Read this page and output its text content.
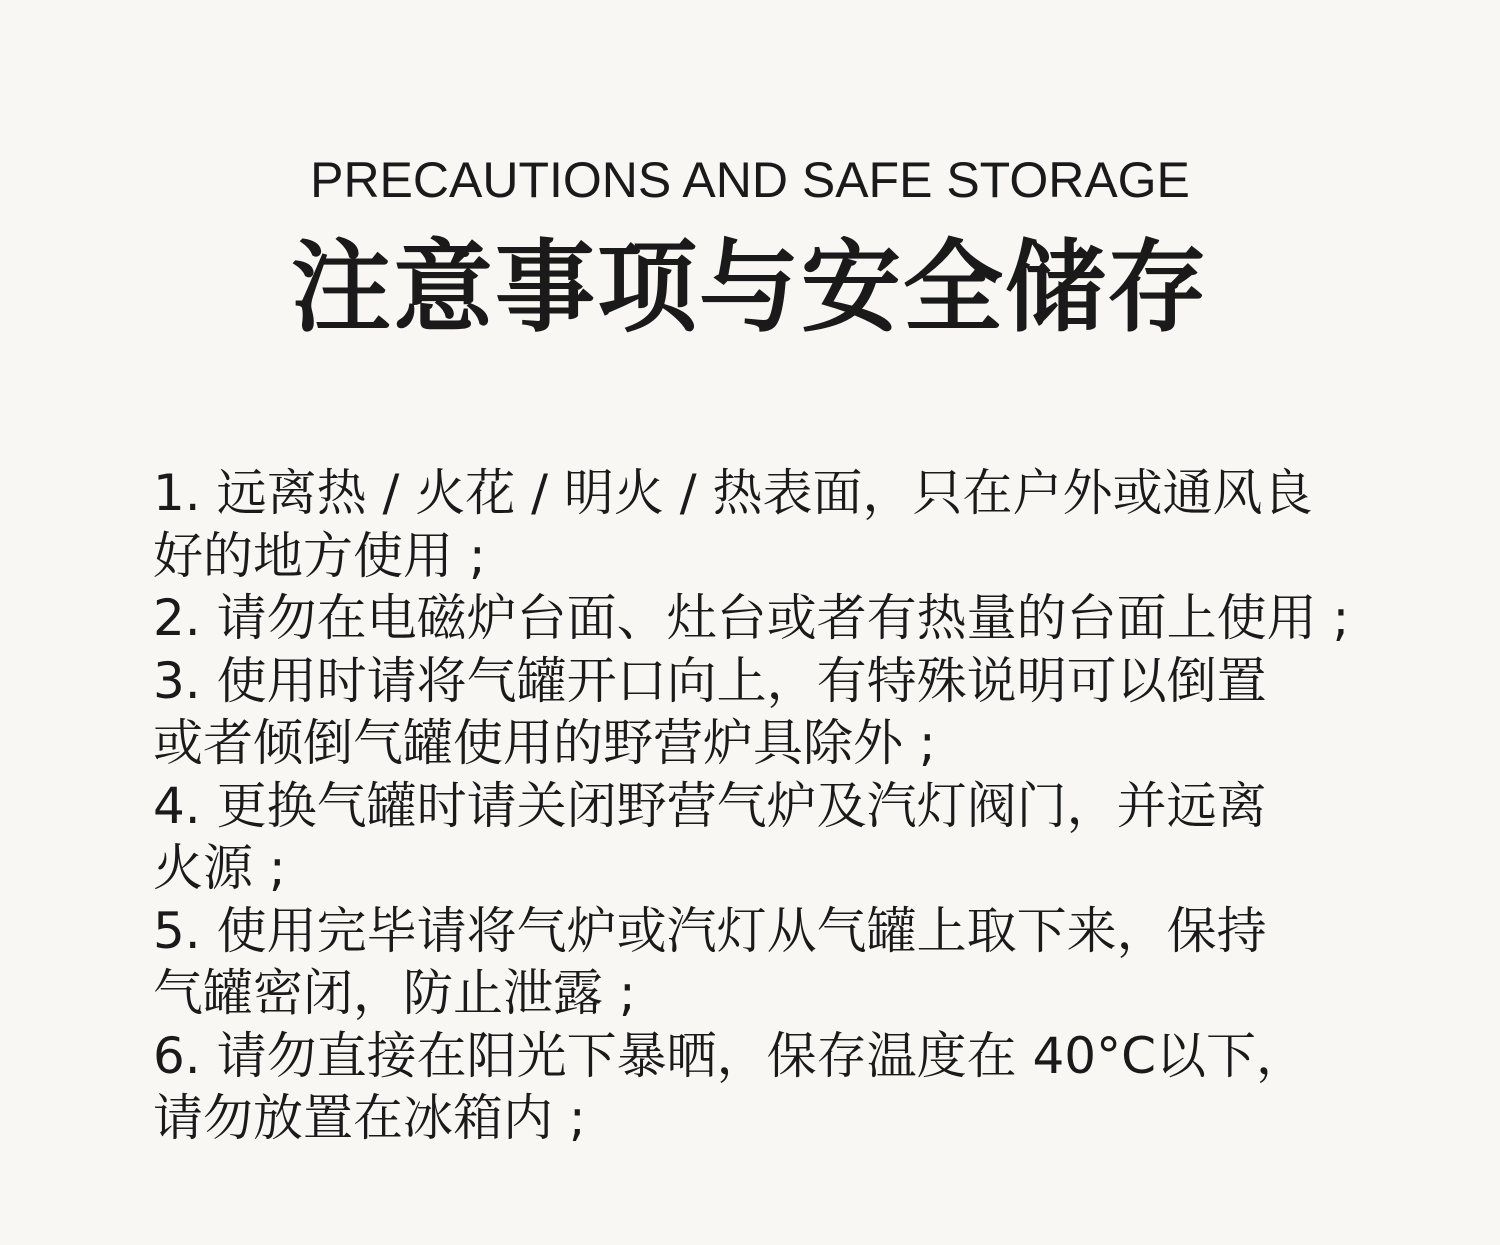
PRECAUTIONS AND SAFE STORAGE
注意事项与安全储存
1. 远离热 / 火花 / 明火 / 热表面，只在户外或通风良
好的地方使用 ;
2. 请勿在电磁炉台面、灶台或者有热量的台面上使用 ;
3. 使用时请将气罐开口向上，有特殊说明可以倒置
或者倾倒气罐使用的野营炉具除外 ;
4. 更换气罐时请关闭野营气炉及汽灯阀门，并远离
火源 ;
5. 使用完毕请将气炉或汽灯从气罐上取下来，保持
气罐密闭，防止泄露 ;
6. 请勿直接在阳光下暴晒，保存温度在 40°C以下，
请勿放置在冰箱内 ;
